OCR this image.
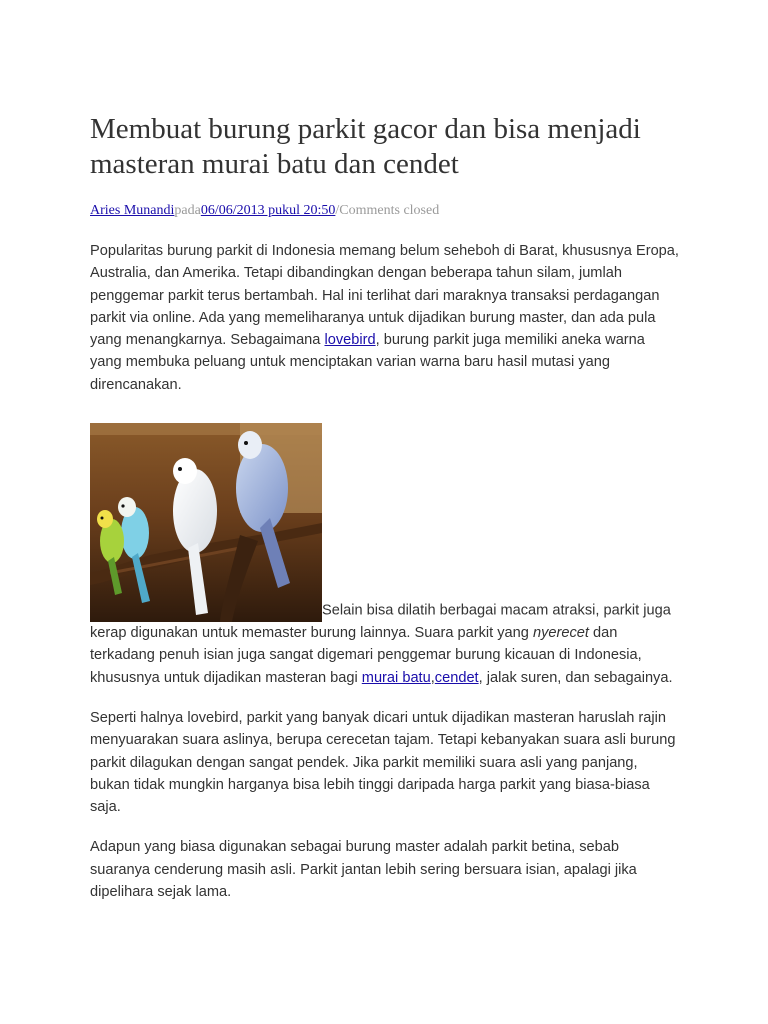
Membuat burung parkit gacor dan bisa menjadi masteran murai batu dan cendet
Aries Munandipada06/06/2013 pukul 20:50/Comments closed

Popularitas burung parkit di Indonesia memang belum seheboh di Barat, khususnya Eropa, Australia, dan Amerika. Tetapi dibandingkan dengan beberapa tahun silam, jumlah penggemar parkit terus bertambah. Hal ini terlihat dari maraknya transaksi perdagangan parkit via online. Ada yang memeliharanya untuk dijadikan burung master, dan ada pula yang menangkarnya. Sebagaimana lovebird, burung parkit juga memiliki aneka warna yang membuka peluang untuk menciptakan varian warna baru hasil mutasi yang direncanakan.

Selain bisa dilatih berbagai macam atraksi, parkit juga kerap digunakan untuk memaster burung lainnya. Suara parkit yang nyerecet dan terkadang penuh isian juga sangat digemari penggemar burung kicauan di Indonesia, khususnya untuk dijadikan masteran bagi murai batu,cendet, jalak suren, dan sebagainya.

Seperti halnya lovebird, parkit yang banyak dicari untuk dijadikan masteran haruslah rajin menyuarakan suara aslinya, berupa cerecetan tajam. Tetapi kebanyakan suara asli burung parkit dilagukan dengan sangat pendek. Jika parkit memiliki suara asli yang panjang, bukan tidak mungkin harganya bisa lebih tinggi daripada harga parkit yang biasa-biasa saja.

Adapun yang biasa digunakan sebagai burung master adalah parkit betina, sebab suaranya cenderung masih asli. Parkit jantan lebih sering bersuara isian, apalagi jika dipelihara sejak lama.
